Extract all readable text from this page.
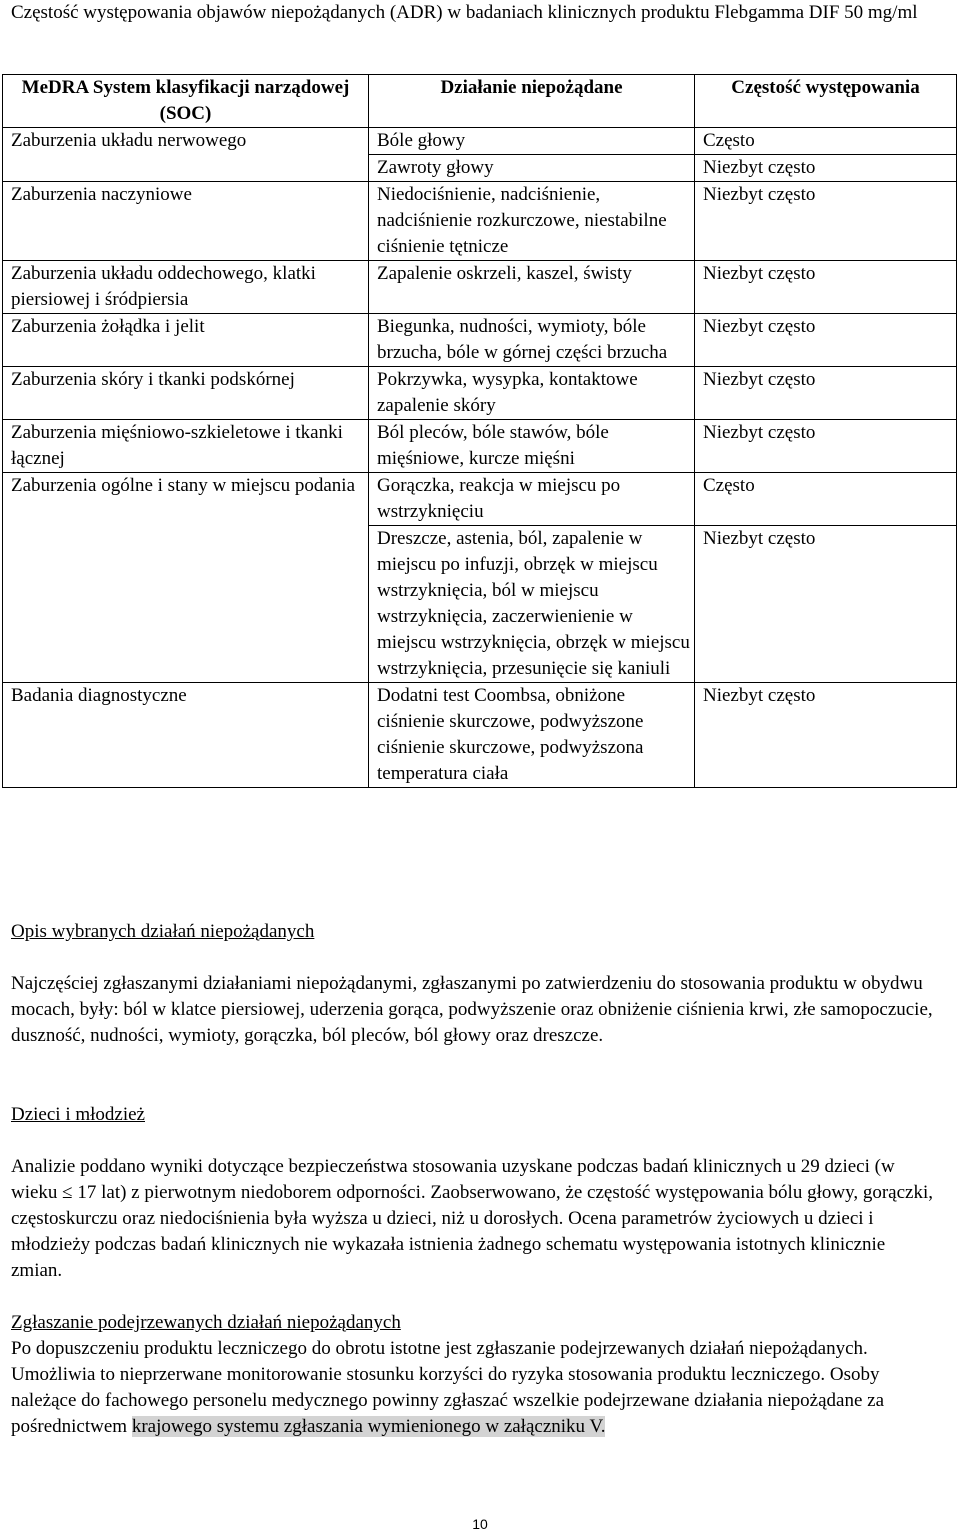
Częstość występowania objawów niepożądanych (ADR) w badaniach klinicznych produktu Flebgamma DIF 50 mg/ml
MeDRA System klasyfikacji narządowej (SOC)	Działanie niepożądane	Częstość występowania
Zaburzenia układu nerwowego	Bóle głowy	Często
	Zawroty głowy	Niezbyt często
Zaburzenia naczyniowe	Niedociśnienie, nadciśnienie, nadciśnienie rozkurczowe, niestabilne ciśnienie tętnicze	Niezbyt często
Zaburzenia układu oddechowego, klatki piersiowej i śródpiersia	Zapalenie oskrzeli, kaszel, świsty	Niezbyt często
Zaburzenia żołądka i jelit	Biegunka, nudności, wymioty, bóle brzucha, bóle w górnej części brzucha	Niezbyt często
Zaburzenia skóry i tkanki podskórnej	Pokrzywka, wysypka, kontaktowe zapalenie skóry	Niezbyt często
Zaburzenia mięśniowo-szkieletowe i tkanki łącznej	Ból pleców, bóle stawów, bóle mięśniowe, kurcze mięśni	Niezbyt często
Zaburzenia ogólne i stany w miejscu podania	Gorączka, reakcja w miejscu po wstrzyknięciu	Często
	Dreszcze, astenia, ból, zapalenie w miejscu po infuzji, obrzęk w miejscu wstrzyknięcia, ból w miejscu wstrzyknięcia, zaczerwienienie w miejscu wstrzyknięcia, obrzęk w miejscu wstrzyknięcia, przesunięcie się kaniuli	Niezbyt często
Badania diagnostyczne	Dodatni test Coombsa, obniżone ciśnienie skurczowe, podwyższone ciśnienie skurczowe, podwyższona temperatura ciała	Niezbyt często
Opis wybranych działań niepożądanych
Najczęściej zgłaszanymi działaniami niepożądanymi, zgłaszanymi po zatwierdzeniu do stosowania produktu w obydwu mocach, były: ból w klatce piersiowej, uderzenia gorąca, podwyższenie oraz obniżenie ciśnienia krwi, złe samopoczucie, duszność, nudności, wymioty, gorączka, ból pleców, ból głowy oraz dreszcze.
Dzieci i młodzież
Analizie poddano wyniki dotyczące bezpieczeństwa stosowania uzyskane podczas badań klinicznych u 29 dzieci (w wieku ≤ 17 lat) z pierwotnym niedoborem odporności. Zaobserwowano, że częstość występowania bólu głowy, gorączki, częstoskurczu oraz niedociśnienia była wyższa u dzieci, niż u dorosłych. Ocena parametrów życiowych u dzieci i młodzieży podczas badań klinicznych nie wykazała istnienia żadnego schematu występowania istotnych klinicznie zmian.
Zgłaszanie podejrzewanych działań niepożądanych
Po dopuszczeniu produktu leczniczego do obrotu istotne jest zgłaszanie podejrzewanych działań niepożądanych. Umożliwia to nieprzerwane monitorowanie stosunku korzyści do ryzyka stosowania produktu leczniczego. Osoby należące do fachowego personelu medycznego powinny zgłaszać wszelkie podejrzewane działania niepożądane za pośrednictwem krajowego systemu zgłaszania wymienionego w załączniku V.
10
